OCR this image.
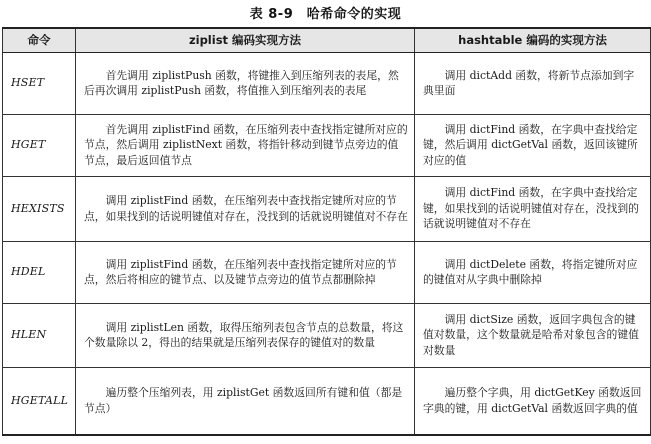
表 8-9　哈希命令的实现
命令	ziplist 编码实现方法	hashtable 编码的实现方法
HSET	首先调用 ziplistPush 函数，将键推入到压缩列表的表尾，然后再次调用 ziplistPush 函数，将值推入到压缩列表的表尾	调用 dictAdd 函数，将新节点添加到字典里面

HGET	首先调用 ziplistFind 函数，在压缩列表中查找指定键所对应的节点，然后调用 ziplistNext 函数，将指针移动到键节点旁边的值节点，最后返回值节点	调用 dictFind 函数，在字典中查找给定键，然后调用 dictGetVal 函数，返回该键所对应的值

HEXISTS	调用 ziplistFind 函数，在压缩列表中查找指定键所对应的节点，如果找到的话说明键值对存在，没找到的话就说明键值对不存在	调用 dictFind 函数，在字典中查找给定键，如果找到的话说明键值对存在，没找到的话就说明键值对不存在

HDEL	调用 ziplistFind 函数，在压缩列表中查找指定键所对应的节点，然后将相应的键节点、以及键节点旁边的值节点都删除掉	调用 dictDelete 函数，将指定键所对应的键值对从字典中删除掉

HLEN	调用 ziplistLen 函数，取得压缩列表包含节点的总数量，将这个数量除以 2，得出的结果就是压缩列表保存的键值对的数量	调用 dictSize 函数，返回字典包含的键值对数量，这个数量就是哈希对象包含的键值对数量

HGETALL	遍历整个压缩列表，用 ziplistGet 函数返回所有键和值（都是节点）	遍历整个字典，用 dictGetKey 函数返回字典的键，用 dictGetVal 函数返回字典的值
